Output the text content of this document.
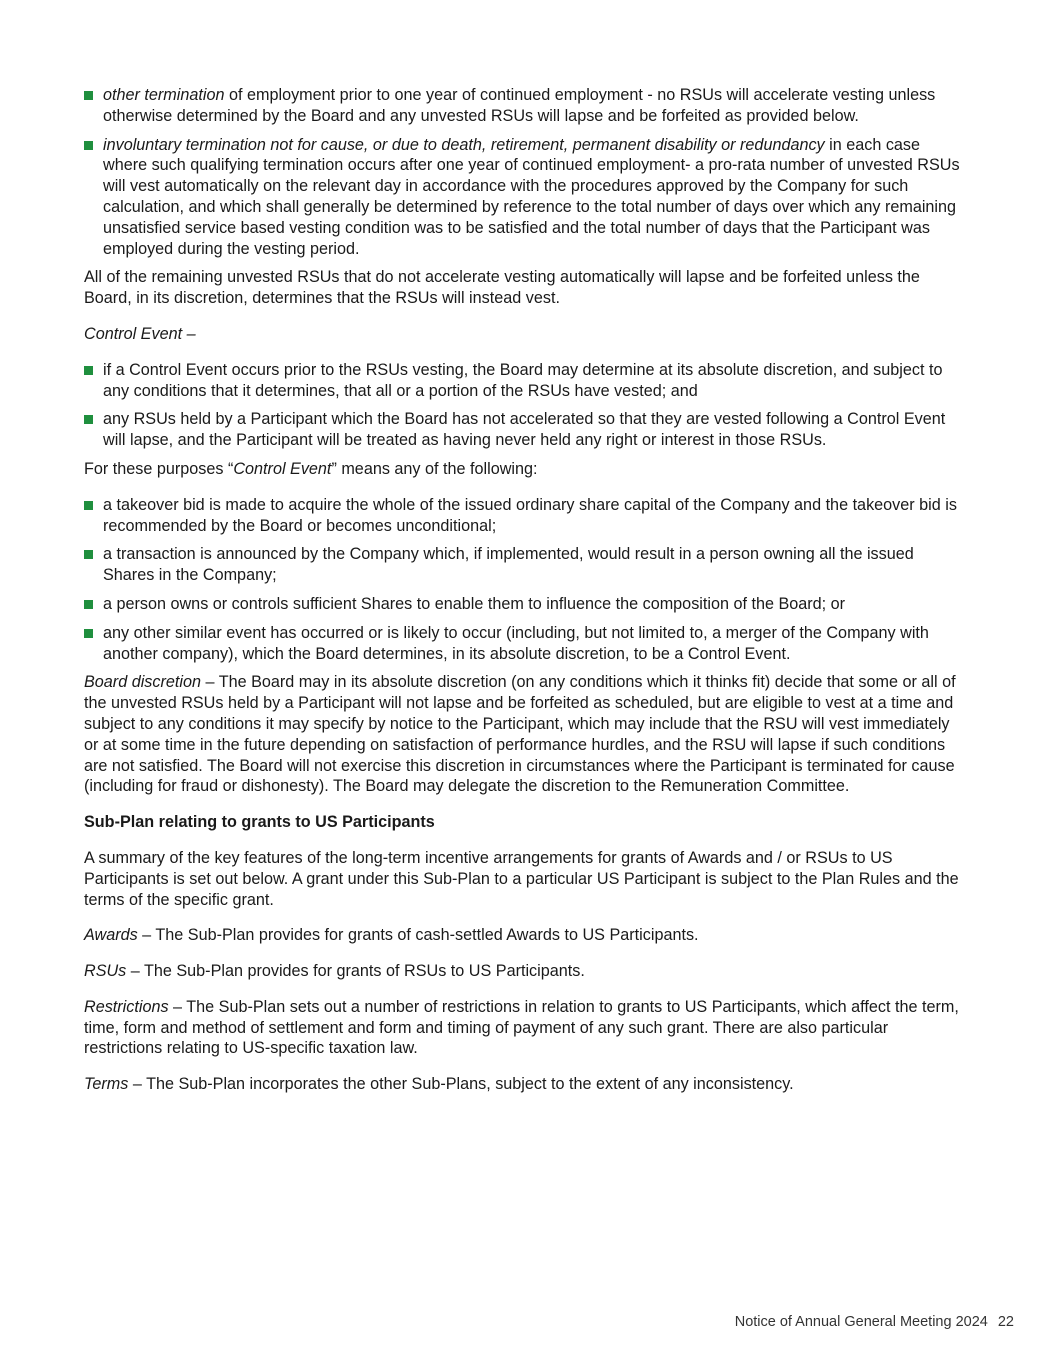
other termination of employment prior to one year of continued employment - no RSUs will accelerate vesting unless otherwise determined by the Board and any unvested RSUs will lapse and be forfeited as provided below.
involuntary termination not for cause, or due to death, retirement, permanent disability or redundancy in each case where such qualifying termination occurs after one year of continued employment- a pro-rata number of unvested RSUs will vest automatically on the relevant day in accordance with the procedures approved by the Company for such calculation, and which shall generally be determined by reference to the total number of days over which any remaining unsatisfied service based vesting condition was to be satisfied and the total number of days that the Participant was employed during the vesting period.

All of the remaining unvested RSUs that do not accelerate vesting automatically will lapse and be forfeited unless the Board, in its discretion, determines that the RSUs will instead vest.

Control Event –

if a Control Event occurs prior to the RSUs vesting, the Board may determine at its absolute discretion, and subject to any conditions that it determines, that all or a portion of the RSUs have vested; and
any RSUs held by a Participant which the Board has not accelerated so that they are vested following a Control Event will lapse, and the Participant will be treated as having never held any right or interest in those RSUs.

For these purposes “Control Event” means any of the following:

a takeover bid is made to acquire the whole of the issued ordinary share capital of the Company and the takeover bid is recommended by the Board or becomes unconditional;
a transaction is announced by the Company which, if implemented, would result in a person owning all the issued Shares in the Company;
a person owns or controls sufficient Shares to enable them to influence the composition of the Board; or
any other similar event has occurred or is likely to occur (including, but not limited to, a merger of the Company with another company), which the Board determines, in its absolute discretion, to be a Control Event.

Board discretion – The Board may in its absolute discretion (on any conditions which it thinks fit) decide that some or all of the unvested RSUs held by a Participant will not lapse and be forfeited as scheduled, but are eligible to vest at a time and subject to any conditions it may specify by notice to the Participant, which may include that the RSU will vest immediately or at some time in the future depending on satisfaction of performance hurdles, and the RSU will lapse if such conditions are not satisfied. The Board will not exercise this discretion in circumstances where the Participant is terminated for cause (including for fraud or dishonesty). The Board may delegate the discretion to the Remuneration Committee.

Sub-Plan relating to grants to US Participants

A summary of the key features of the long-term incentive arrangements for grants of Awards and / or RSUs to US Participants is set out below. A grant under this Sub-Plan to a particular US Participant is subject to the Plan Rules and the terms of the specific grant.

Awards – The Sub-Plan provides for grants of cash-settled Awards to US Participants.

RSUs – The Sub-Plan provides for grants of RSUs to US Participants.

Restrictions – The Sub-Plan sets out a number of restrictions in relation to grants to US Participants, which affect the term, time, form and method of settlement and form and timing of payment of any such grant. There are also particular restrictions relating to US-specific taxation law.

Terms – The Sub-Plan incorporates the other Sub-Plans, subject to the extent of any inconsistency.

Notice of Annual General Meeting 2024 22
